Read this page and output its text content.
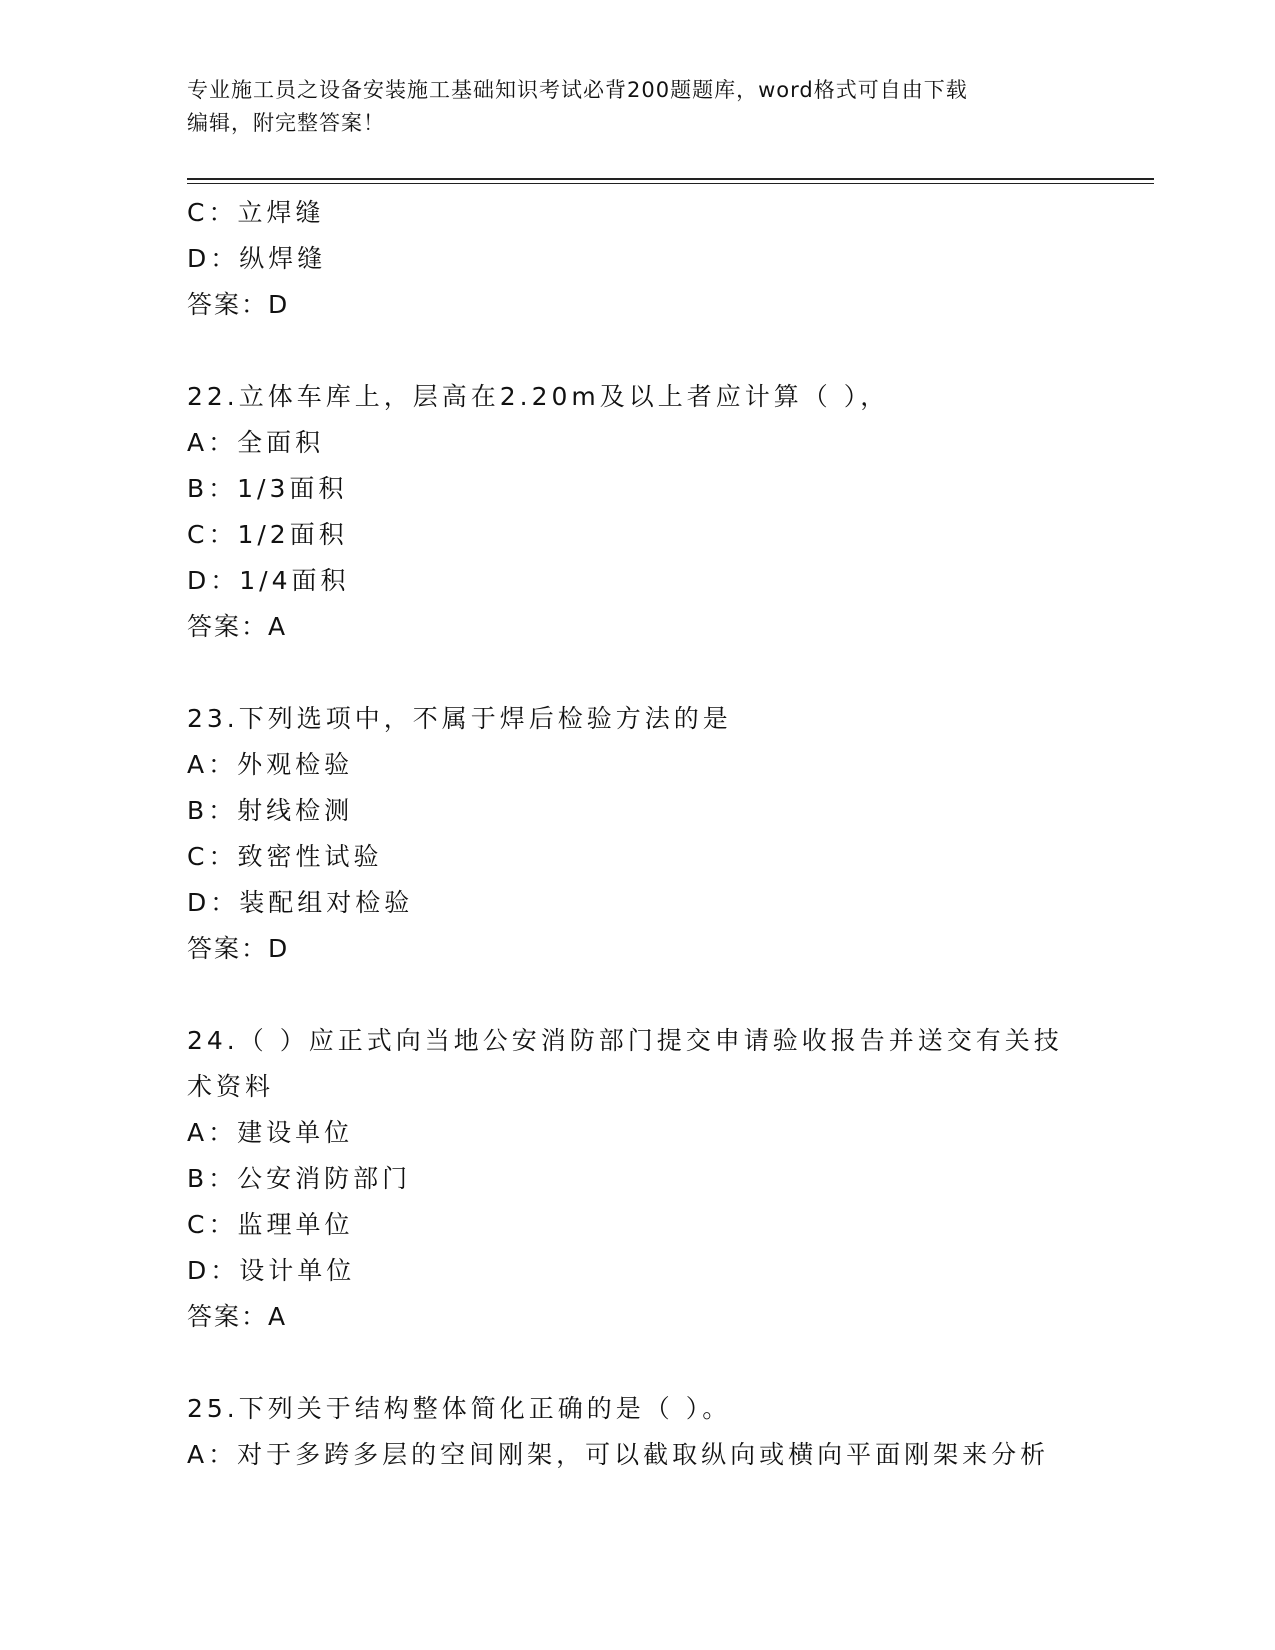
专业施工员之设备安装施工基础知识考试必背200题题库，word格式可自由下载
编辑，附完整答案！
C：立焊缝
D：纵焊缝
答案：D
22.立体车库上，层高在2.20m及以上者应计算（ ），
A：全面积
B：1/3面积
C：1/2面积
D：1/4面积
答案：A
23.下列选项中，不属于焊后检验方法的是
A：外观检验
B：射线检测
C：致密性试验
D：装配组对检验
答案：D
24.（ ）应正式向当地公安消防部门提交申请验收报告并送交有关技
术资料
A：建设单位
B：公安消防部门
C：监理单位
D：设计单位
答案：A
25.下列关于结构整体简化正确的是（ ）。
A：对于多跨多层的空间刚架，可以截取纵向或横向平面刚架来分析
